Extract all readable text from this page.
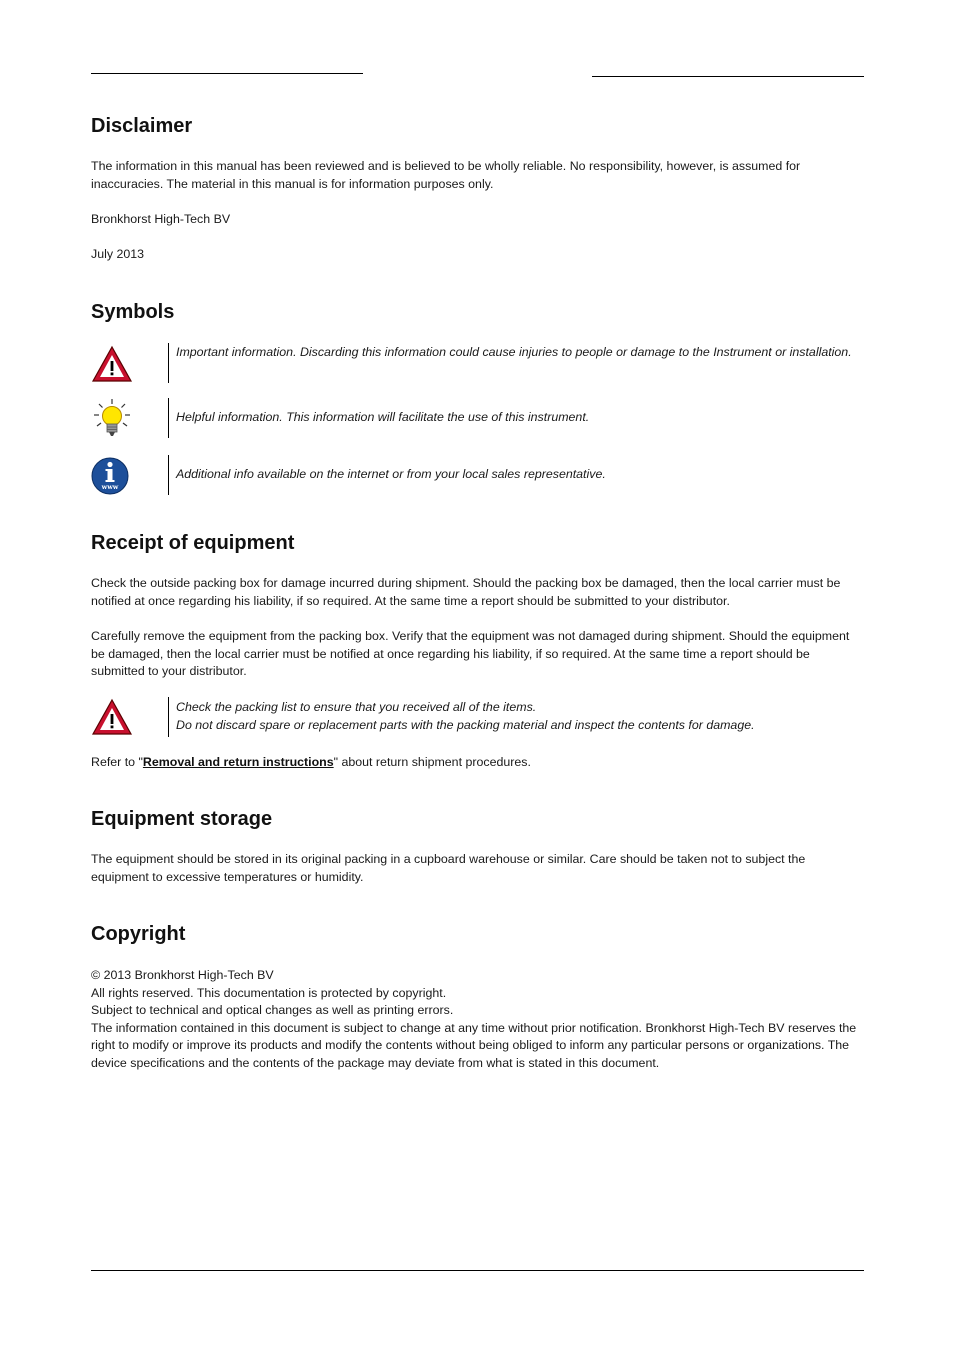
Disclaimer

The information in this manual has been reviewed and is believed to be wholly reliable. No responsibility, however, is assumed for inaccuracies. The material in this manual is for information purposes only.

Bronkhorst High-Tech BV

July 2013

Symbols
Important information. Discarding this information could cause injuries to people or damage to the Instrument or installation.
Helpful information. This information will facilitate the use of this instrument.
www
Additional info available on the internet or from your local sales representative.
Receipt of equipment

Check the outside packing box for damage incurred during shipment. Should the packing box be damaged, then the local carrier must be notified at once regarding his liability, if so required. At the same time a report should be submitted to your distributor.

Carefully remove the equipment from the packing box. Verify that the equipment was not damaged during shipment. Should the equipment be damaged, then the local carrier must be notified at once regarding his liability, if so required. At the same time a report should be submitted to your distributor.

Check the packing list to ensure that you received all of the items.
Do not discard spare or replacement parts with the packing material and inspect the contents for damage.

Refer to "Removal and return instructions" about return shipment procedures.

Equipment storage

The equipment should be stored in its original packing in a cupboard warehouse or similar. Care should be taken not to subject the equipment to excessive temperatures or humidity.

Copyright

© 2013 Bronkhorst High-Tech BV
All rights reserved. This documentation is protected by copyright.
Subject to technical and optical changes as well as printing errors.
The information contained in this document is subject to change at any time without prior notification. Bronkhorst High-Tech BV reserves the right to modify or improve its products and modify the contents without being obliged to inform any particular persons or organizations. The device specifications and the contents of the package may deviate from what is stated in this document.
